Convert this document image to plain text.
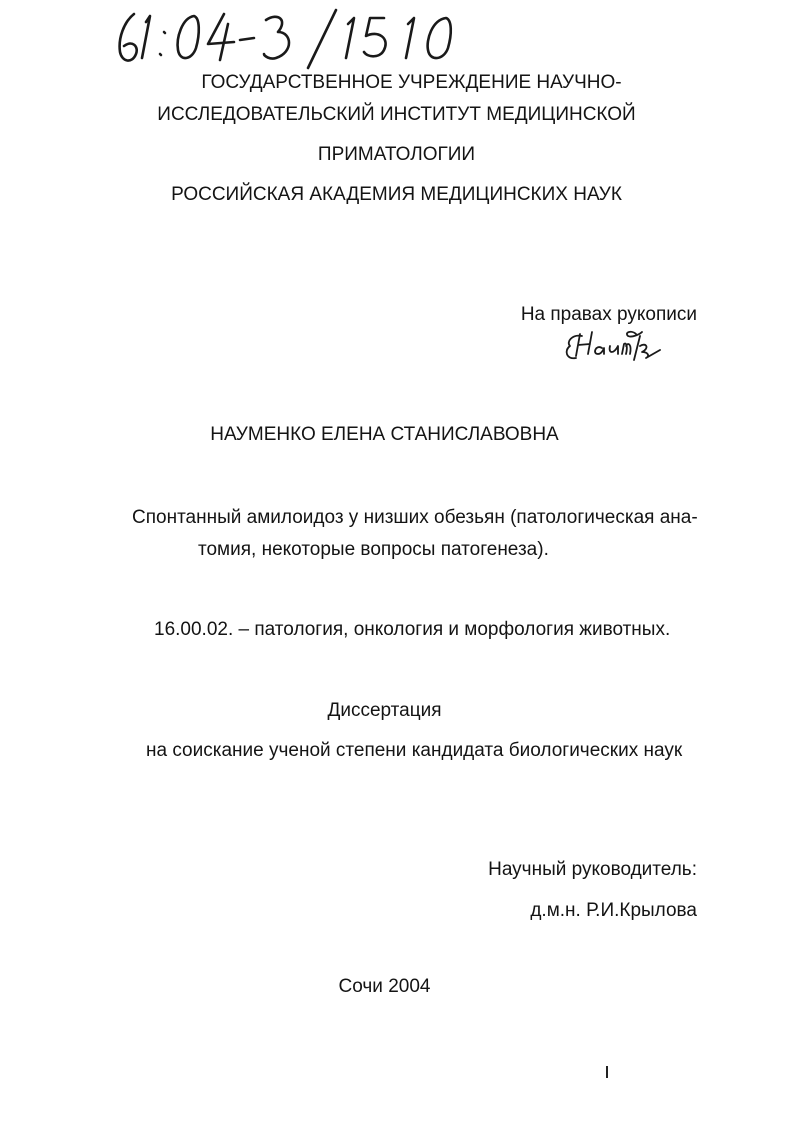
ГОСУДАРСТВЕННОЕ УЧРЕЖДЕНИЕ НАУЧНО-
ИССЛЕДОВАТЕЛЬСКИЙ ИНСТИТУТ МЕДИЦИНСКОЙ
ПРИМАТОЛОГИИ
РОССИЙСКАЯ АКАДЕМИЯ МЕДИЦИНСКИХ НАУК
На правах рукописи
НАУМЕНКО ЕЛЕНА СТАНИСЛАВОВНА
Спонтанный амилоидоз у низших обезьян (патологическая ана-
томия, некоторые вопросы патогенеза).
16.00.02. – патология, онкология и морфология животных.
Диссертация
на соискание ученой степени кандидата биологических наук
Научный руководитель:
д.м.н. Р.И.Крылова
Сочи 2004
